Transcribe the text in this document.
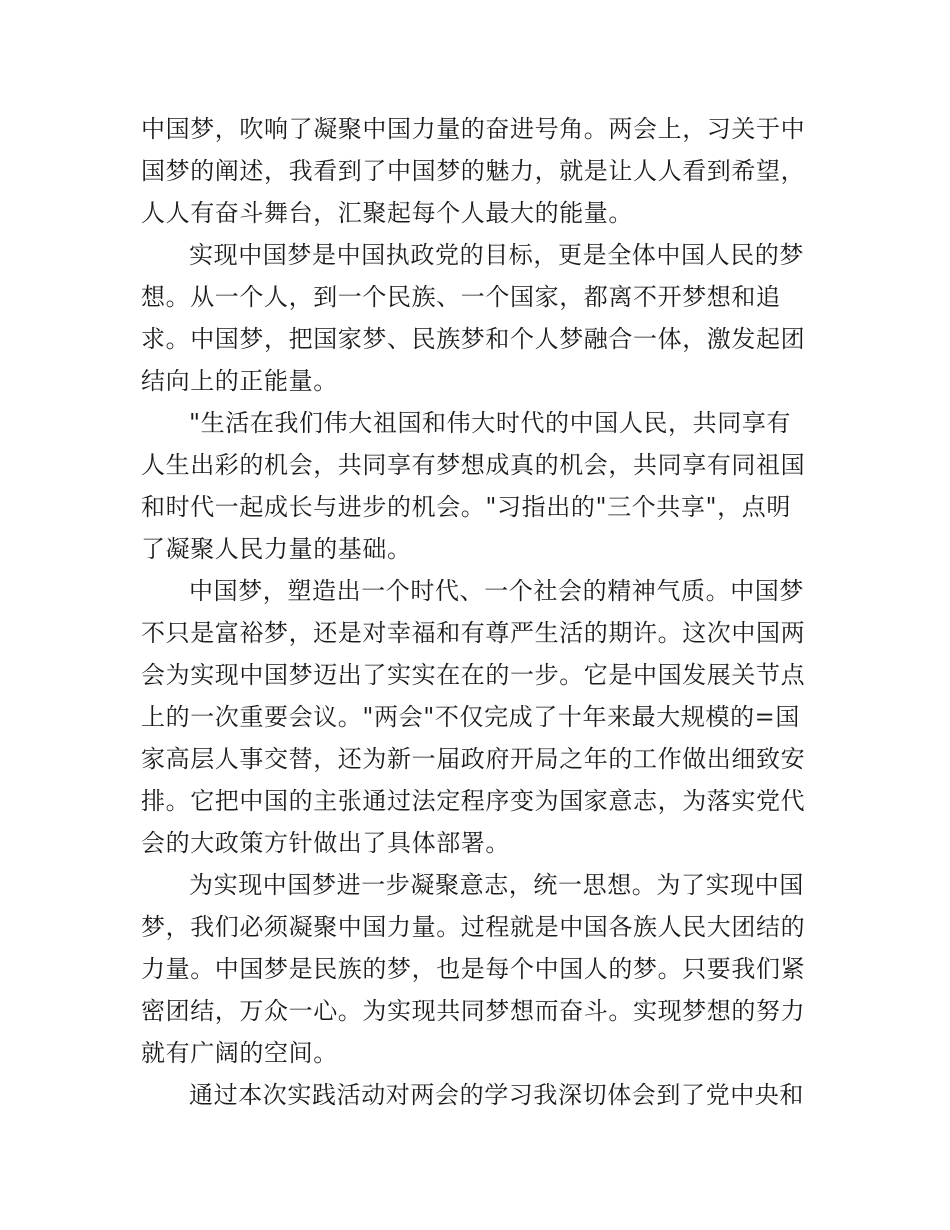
中国梦，吹响了凝聚中国力量的奋进号角。两会上，习关于中
国梦的阐述，我看到了中国梦的魅力，就是让人人看到希望，
人人有奋斗舞台，汇聚起每个人最大的能量。
实现中国梦是中国执政党的目标，更是全体中国人民的梦
想。从一个人，到一个民族、一个国家，都离不开梦想和追
求。中国梦，把国家梦、民族梦和个人梦融合一体，激发起团
结向上的正能量。
"生活在我们伟大祖国和伟大时代的中国人民，共同享有
人生出彩的机会，共同享有梦想成真的机会，共同享有同祖国
和时代一起成长与进步的机会。"习指出的"三个共享"，点明
了凝聚人民力量的基础。
中国梦，塑造出一个时代、一个社会的精神气质。中国梦
不只是富裕梦，还是对幸福和有尊严生活的期许。这次中国两
会为实现中国梦迈出了实实在在的一步。它是中国发展关节点
上的一次重要会议。"两会"不仅完成了十年来最大规模的=国
家高层人事交替，还为新一届政府开局之年的工作做出细致安
排。它把中国的主张通过法定程序变为国家意志，为落实党代
会的大政策方针做出了具体部署。
为实现中国梦进一步凝聚意志，统一思想。为了实现中国
梦，我们必须凝聚中国力量。过程就是中国各族人民大团结的
力量。中国梦是民族的梦，也是每个中国人的梦。只要我们紧
密团结，万众一心。为实现共同梦想而奋斗。实现梦想的努力
就有广阔的空间。
通过本次实践活动对两会的学习我深切体会到了党中央和
